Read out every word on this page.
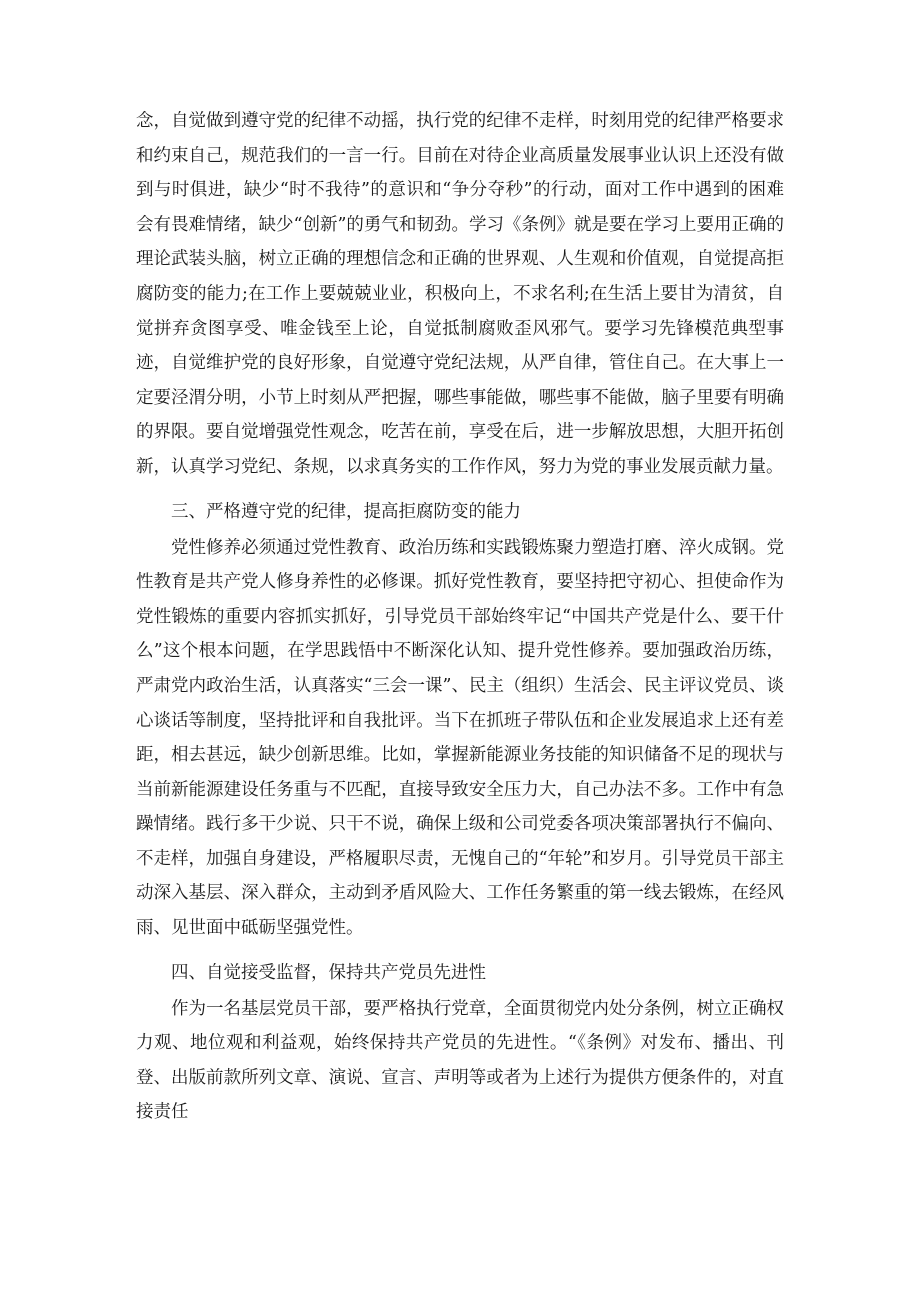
念，自觉做到遵守党的纪律不动摇，执行党的纪律不走样，时刻用党的纪律严格要求和约束自己，规范我们的一言一行。目前在对待企业高质量发展事业认识上还没有做到与时俱进，缺少“时不我待”的意识和“争分夺秒”的行动，面对工作中遇到的困难会有畏难情绪，缺少“创新”的勇气和韧劲。学习《条例》就是要在学习上要用正确的理论武装头脑，树立正确的理想信念和正确的世界观、人生观和价值观，自觉提高拒腐防变的能力;在工作上要兢兢业业，积极向上，不求名利;在生活上要甘为清贫，自觉拼弃贪图享受、唯金钱至上论，自觉抵制腐败歪风邪气。要学习先锋模范典型事迹，自觉维护党的良好形象，自觉遵守党纪法规，从严自律，管住自己。在大事上一定要泾渭分明，小节上时刻从严把握，哪些事能做，哪些事不能做，脑子里要有明确的界限。要自觉增强党性观念，吃苦在前，享受在后，进一步解放思想，大胆开拓创新，认真学习党纪、条规，以求真务实的工作作风，努力为党的事业发展贡献力量。

三、严格遵守党的纪律，提高拒腐防变的能力

党性修养必须通过党性教育、政治历练和实践锻炼聚力塑造打磨、淬火成钢。党性教育是共产党人修身养性的必修课。抓好党性教育，要坚持把守初心、担使命作为党性锻炼的重要内容抓实抓好，引导党员干部始终牢记“中国共产党是什么、要干什么”这个根本问题，在学思践悟中不断深化认知、提升党性修养。要加强政治历练，严肃党内政治生活，认真落实“三会一课”、民主（组织）生活会、民主评议党员、谈心谈话等制度，坚持批评和自我批评。当下在抓班子带队伍和企业发展追求上还有差距，相去甚远，缺少创新思维。比如，掌握新能源业务技能的知识储备不足的现状与当前新能源建设任务重与不匹配，直接导致安全压力大，自己办法不多。工作中有急躁情绪。践行多干少说、只干不说，确保上级和公司党委各项决策部署执行不偏向、不走样，加强自身建设，严格履职尽责，无愧自己的“年轮”和岁月。引导党员干部主动深入基层、深入群众，主动到矛盾风险大、工作任务繁重的第一线去锻炼，在经风雨、见世面中砥砺坚强党性。

四、自觉接受监督，保持共产党员先进性

作为一名基层党员干部，要严格执行党章，全面贯彻党内处分条例，树立正确权力观、地位观和利益观，始终保持共产党员的先进性。“《条例》对发布、播出、刊登、出版前款所列文章、演说、宣言、声明等或者为上述行为提供方便条件的，对直接责任
